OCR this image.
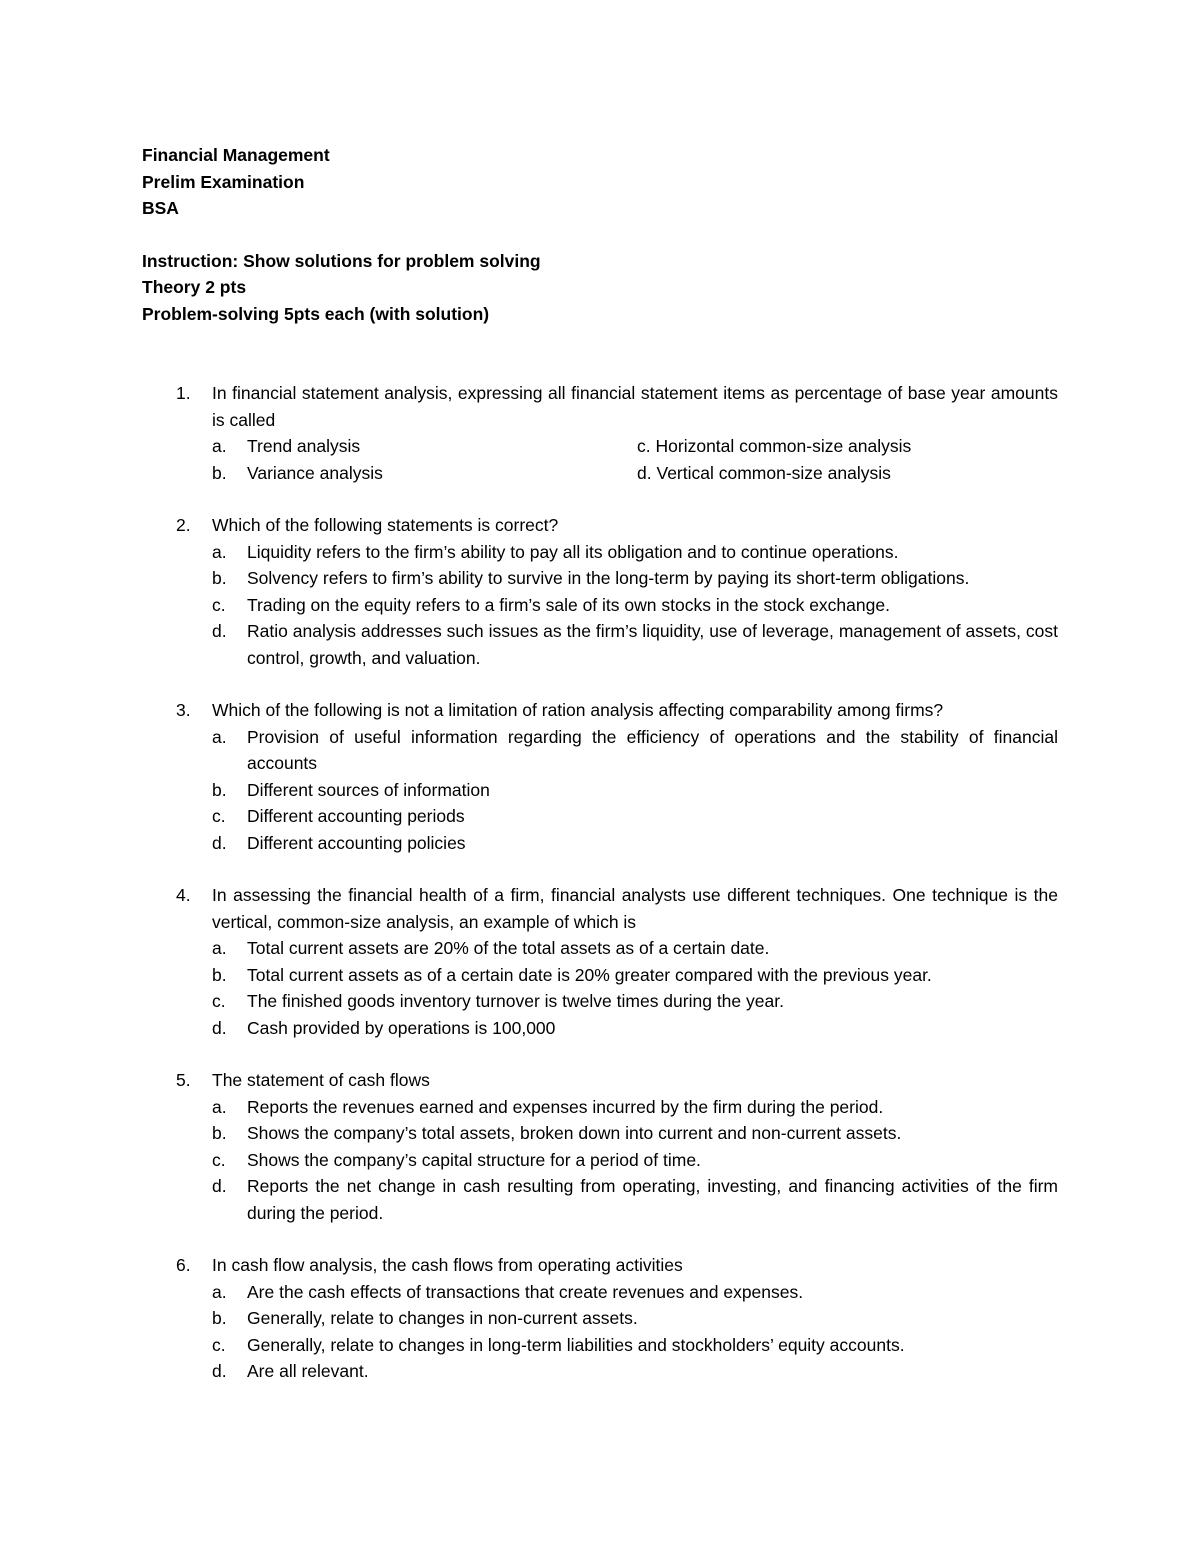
Financial Management
Prelim Examination
BSA
Instruction: Show solutions for problem solving
Theory 2 pts
Problem-solving 5pts each (with solution)
1. In financial statement analysis, expressing all financial statement items as percentage of base year amounts is called
a. Trend analysis	c. Horizontal common-size analysis
b. Variance analysis	d. Vertical common-size analysis
2. Which of the following statements is correct?
a. Liquidity refers to the firm’s ability to pay all its obligation and to continue operations.
b. Solvency refers to firm’s ability to survive in the long-term by paying its short-term obligations.
c. Trading on the equity refers to a firm’s sale of its own stocks in the stock exchange.
d. Ratio analysis addresses such issues as the firm’s liquidity, use of leverage, management of assets, cost control, growth, and valuation.
3. Which of the following is not a limitation of ration analysis affecting comparability among firms?
a. Provision of useful information regarding the efficiency of operations and the stability of financial accounts
b. Different sources of information
c. Different accounting periods
d. Different accounting policies
4. In assessing the financial health of a firm, financial analysts use different techniques. One technique is the vertical, common-size analysis, an example of which is
a. Total current assets are 20% of the total assets as of a certain date.
b. Total current assets as of a certain date is 20% greater compared with the previous year.
c. The finished goods inventory turnover is twelve times during the year.
d. Cash provided by operations is 100,000
5. The statement of cash flows
a. Reports the revenues earned and expenses incurred by the firm during the period.
b. Shows the company’s total assets, broken down into current and non-current assets.
c. Shows the company’s capital structure for a period of time.
d. Reports the net change in cash resulting from operating, investing, and financing activities of the firm during the period.
6. In cash flow analysis, the cash flows from operating activities
a. Are the cash effects of transactions that create revenues and expenses.
b. Generally, relate to changes in non-current assets.
c. Generally, relate to changes in long-term liabilities and stockholders’ equity accounts.
d. Are all relevant.
